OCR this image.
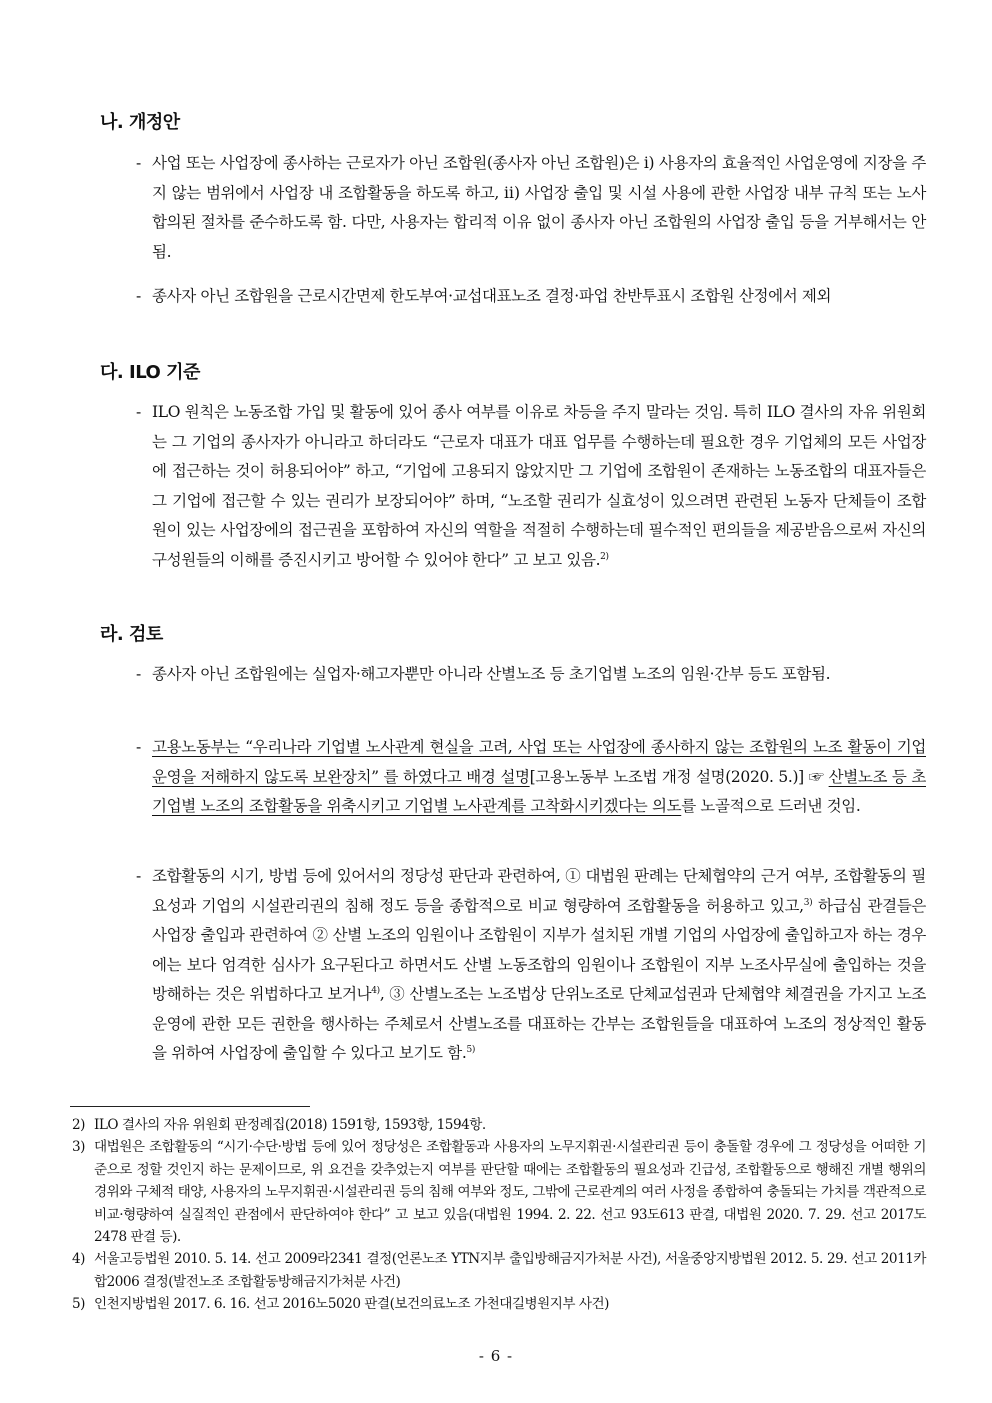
나. 개정안
- 사업 또는 사업장에 종사하는 근로자가 아닌 조합원(종사자 아닌 조합원)은 ⅰ) 사용자의 효율적인 사업운영에 지장을 주지 않는 범위에서 사업장 내 조합활동을 하도록 하고, ⅱ) 사업장 출입 및 시설 사용에 관한 사업장 내부 규칙 또는 노사합의된 절차를 준수하도록 함. 다만, 사용자는 합리적 이유 없이 종사자 아닌 조합원의 사업장 출입 등을 거부해서는 안됨.
- 종사자 아닌 조합원을 근로시간면제 한도부여·교섭대표노조 결정·파업 찬반투표시 조합원 산정에서 제외
다. ILO 기준
- ILO 원칙은 노동조합 가입 및 활동에 있어 종사 여부를 이유로 차등을 주지 말라는 것임. 특히 ILO 결사의 자유 위원회는 그 기업의 종사자가 아니라고 하더라도 “근로자 대표가 대표 업무를 수행하는데 필요한 경우 기업체의 모든 사업장에 접근하는 것이 허용되어야” 하고, “기업에 고용되지 않았지만 그 기업에 조합원이 존재하는 노동조합의 대표자들은 그 기업에 접근할 수 있는 권리가 보장되어야” 하며, “노조할 권리가 실효성이 있으려면 관련된 노동자 단체들이 조합원이 있는 사업장에의 접근권을 포함하여 자신의 역할을 적절히 수행하는데 필수적인 편의들을 제공받음으로써 자신의 구성원들의 이해를 증진시키고 방어할 수 있어야 한다” 고 보고 있음.$^{2)}$
라. 검토
- 종사자 아닌 조합원에는 실업자·해고자뿐만 아니라 산별노조 등 초기업별 노조의 임원·간부 등도 포함됨.
- 고용노동부는 “우리나라 기업별 노사관계 현실을 고려, 사업 또는 사업장에 종사하지 않는 조합원의 노조 활동이 기업 운영을 저해하지 않도록 보완장치” 를 하였다고 배경 설명[고용노동부 노조법 개정 설명(2020. 5.)] ☞ 산별노조 등 초기업별 노조의 조합활동을 위축시키고 기업별 노사관계를 고착화시키겠다는 의도를 노골적으로 드러낸 것임.
- 조합활동의 시기, 방법 등에 있어서의 정당성 판단과 관련하여, ① 대법원 판례는 단체협약의 근거 여부, 조합활동의 필요성과 기업의 시설관리권의 침해 정도 등을 종합적으로 비교 형량하여 조합활동을 허용하고 있고,$^{3)}$ 하급심 관결들은 사업장 출입과 관련하여 ② 산별 노조의 임원이나 조합원이 지부가 설치된 개별 기업의 사업장에 출입하고자 하는 경우에는 보다 엄격한 심사가 요구된다고 하면서도 산별 노동조합의 임원이나 조합원이 지부 노조사무실에 출입하는 것을 방해하는 것은 위법하다고 보거나$^{4)}$, ③ 산별노조는 노조법상 단위노조로 단체교섭권과 단체협약 체결권을 가지고 노조 운영에 관한 모든 권한을 행사하는 주체로서 산별노조를 대표하는 간부는 조합원들을 대표하여 노조의 정상적인 활동을 위하여 사업장에 출입할 수 있다고 보기도 함.$^{5)}$
2) ILO 결사의 자유 위원회 판정례집(2018) 1591항, 1593항, 1594항.
3) 대법원은 조합활동의 “시기·수단·방법 등에 있어 정당성은 조합활동과 사용자의 노무지휘권·시설관리권 등이 충돌할 경우에 그 정당성을 어떠한 기준으로 정할 것인지 하는 문제이므로, 위 요건을 갖추었는지 여부를 판단할 때에는 조합활동의 필요성과 긴급성, 조합활동으로 행해진 개별 행위의 경위와 구체적 태양, 사용자의 노무지휘권·시설관리권 등의 침해 여부와 정도, 그밖에 근로관계의 여러 사정을 종합하여 충돌되는 가치를 객관적으로 비교·형량하여 실질적인 관점에서 판단하여야 한다” 고 보고 있음(대법원 1994. 2. 22. 선고 93도613 판결, 대법원 2020. 7. 29. 선고 2017도2478 판결 등).
4) 서울고등법원 2010. 5. 14. 선고 2009라2341 결정(언론노조 YTN지부 출입방해금지가처분 사건), 서울중앙지방법원 2012. 5. 29. 선고 2011카합2006 결정(발전노조 조합활동방해금지가처분 사건)
5) 인천지방법원 2017. 6. 16. 선고 2016노5020 판결(보건의료노조 가천대길병원지부 사건)
- 6 -
